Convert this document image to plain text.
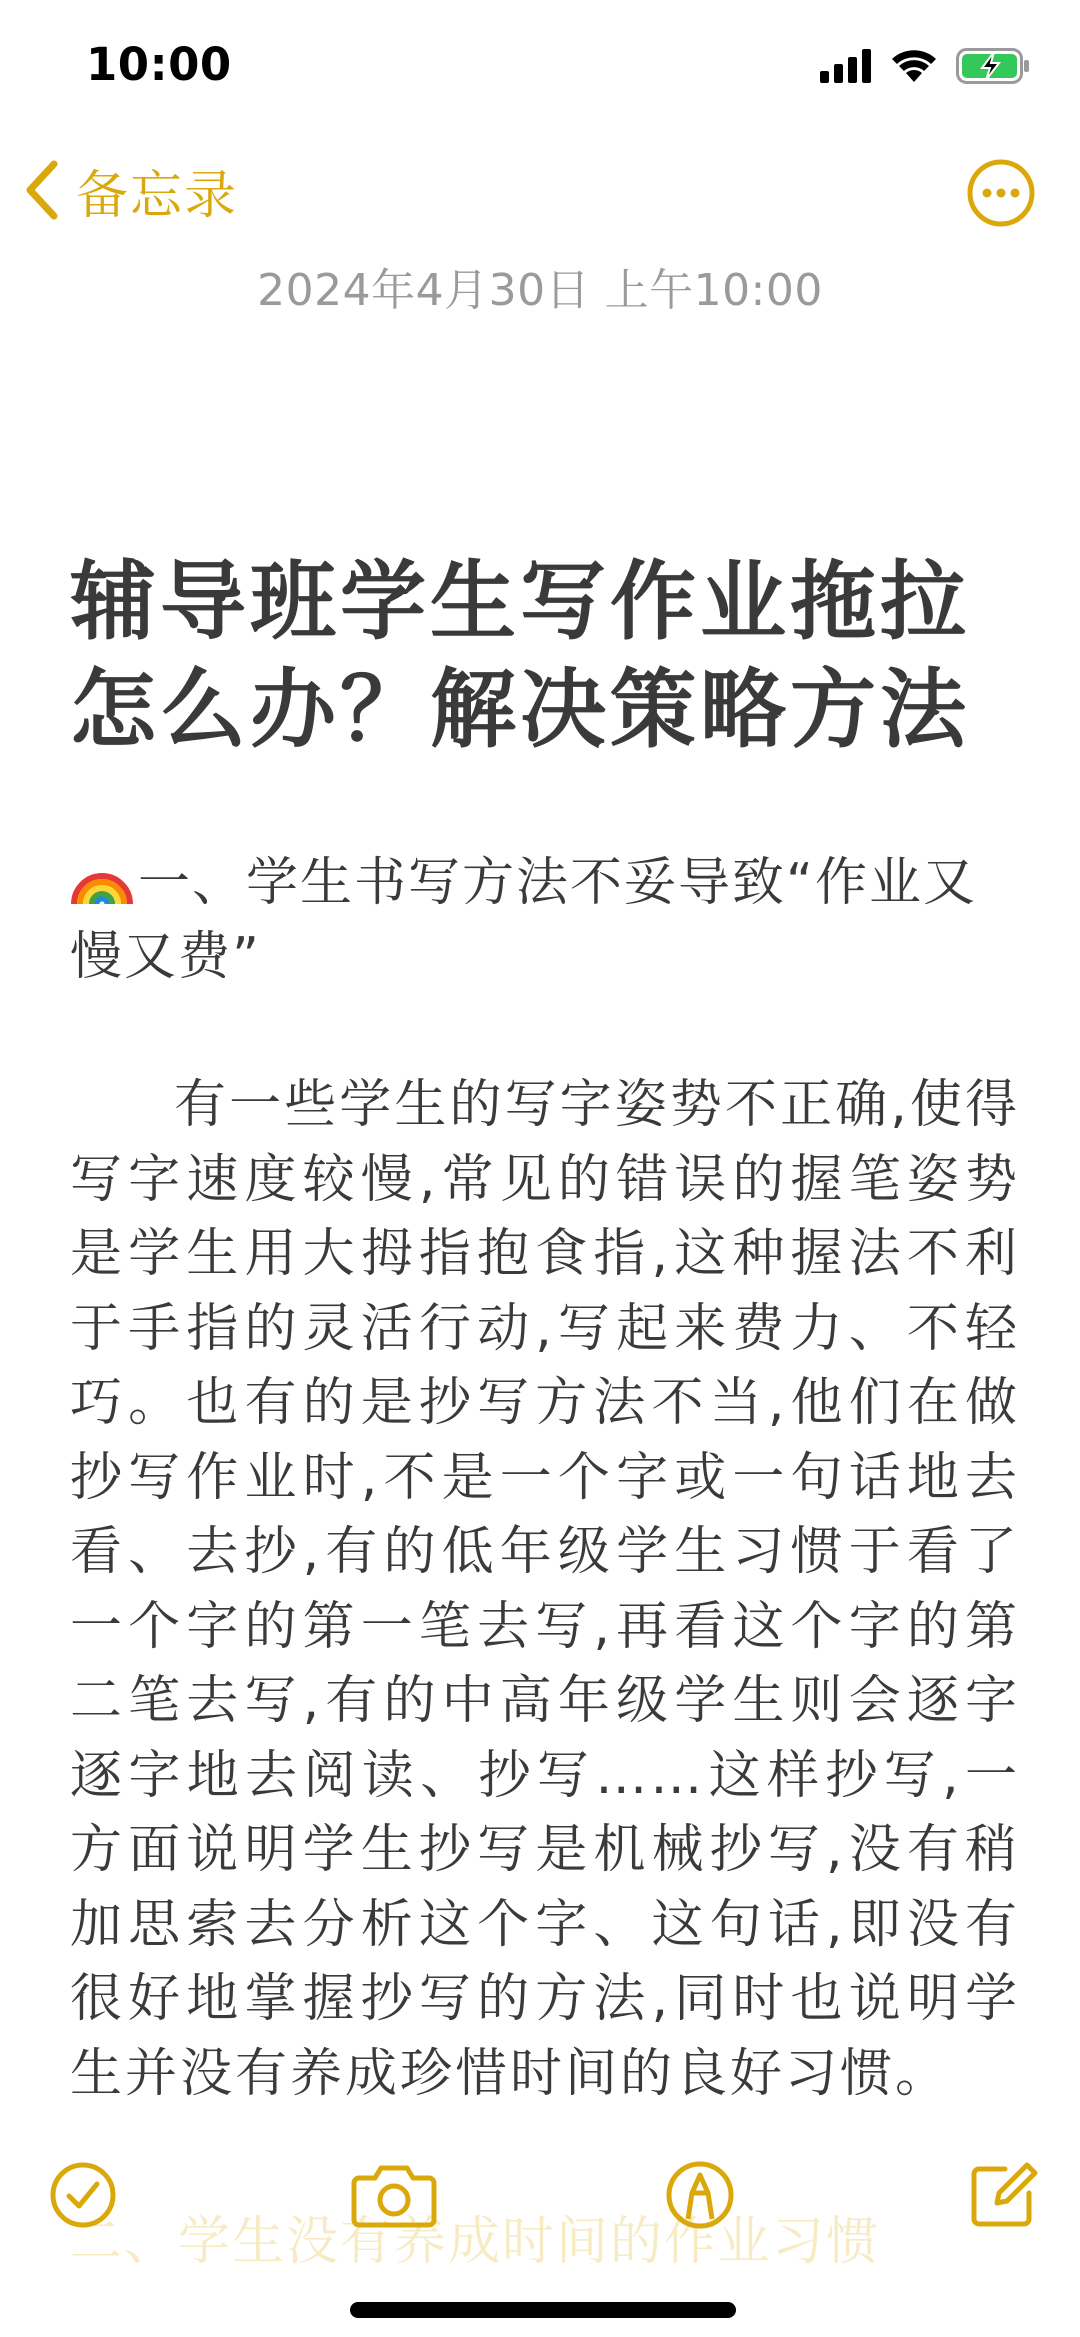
10:00
备忘录
2024年4月30日 上午10:00
辅导班学生写作业拖拉怎么办？解决策略方法

一、学生书写方法不妥导致“作业又慢又费”

有一些学生的写字姿势不正确,使得写字速度较慢,常见的错误的握笔姿势是学生用大拇指抱食指,这种握法不利于手指的灵活行动,写起来费力、不轻巧。也有的是抄写方法不当,他们在做抄写作业时,不是一个字或一句话地去看、去抄,有的低年级学生习惯于看了一个字的第一笔去写,再看这个字的第二笔去写,有的中高年级学生则会逐字逐字地去阅读、抄写……这样抄写,一方面说明学生抄写是机械抄写,没有稍加思索去分析这个字、这句话,即没有很好地掌握抄写的方法,同时也说明学生并没有养成珍惜时间的良好习惯。

二、学生没有养成时间的作业习惯
